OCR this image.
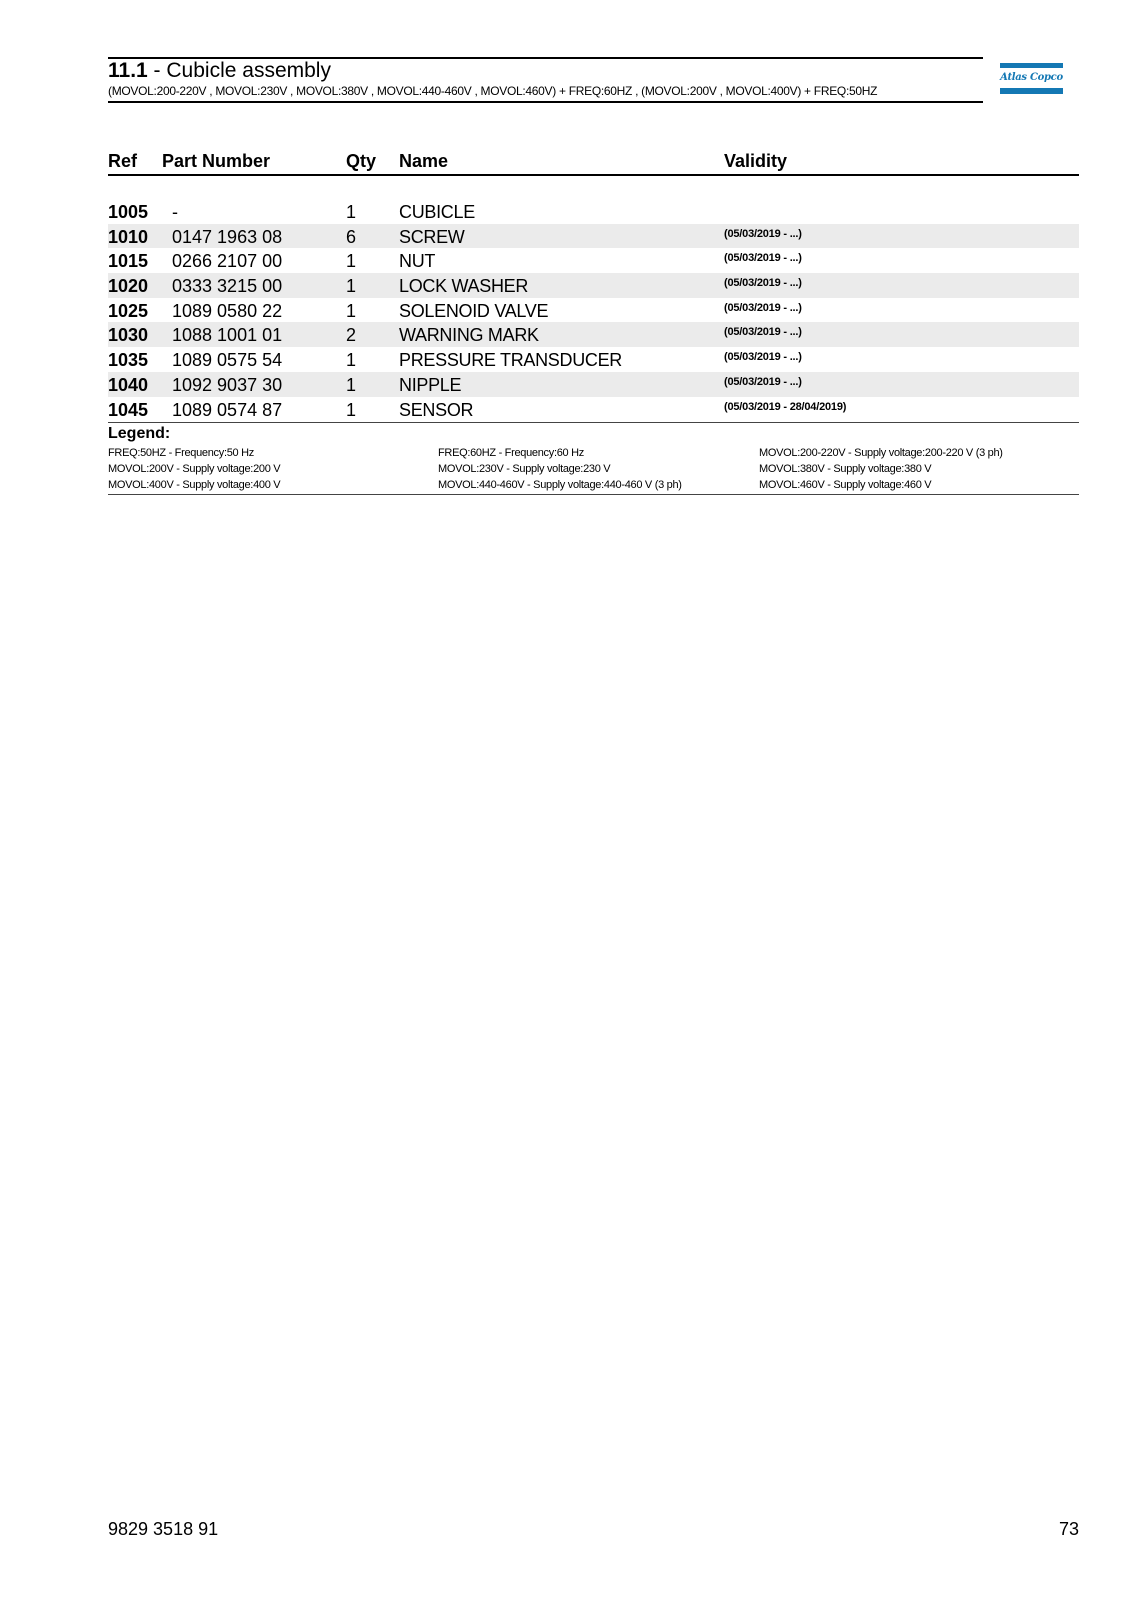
11.1 - Cubicle assembly
(MOVOL:200-220V , MOVOL:230V , MOVOL:380V , MOVOL:440-460V , MOVOL:460V) + FREQ:60HZ , (MOVOL:200V , MOVOL:400V) + FREQ:50HZ
Atlas Copco
Ref Part Number	Qty Name	Validity
1005 -	1 CUBICLE
1010 0147 1963 08	6 SCREW	(05/03/2019 - ...)
1015 0266 2107 00	1 NUT	(05/03/2019 - ...)
1020 0333 3215 00	1 LOCK WASHER	(05/03/2019 - ...)
1025 1089 0580 22	1 SOLENOID VALVE	(05/03/2019 - ...)
1030 1088 1001 01	2 WARNING MARK	(05/03/2019 - ...)
1035 1089 0575 54	1 PRESSURE TRANSDUCER	(05/03/2019 - ...)
1040 1092 9037 30	1 NIPPLE	(05/03/2019 - ...)
1045 1089 0574 87	1 SENSOR	(05/03/2019 - 28/04/2019)
Legend:
FREQ:50HZ - Frequency:50 Hz
MOVOL:200V - Supply voltage:200 V
MOVOL:400V - Supply voltage:400 V
FREQ:60HZ - Frequency:60 Hz
MOVOL:230V - Supply voltage:230 V
MOVOL:440-460V - Supply voltage:440-460 V (3 ph)
MOVOL:200-220V - Supply voltage:200-220 V (3 ph)
MOVOL:380V - Supply voltage:380 V
MOVOL:460V - Supply voltage:460 V
9829 3518 91	73
